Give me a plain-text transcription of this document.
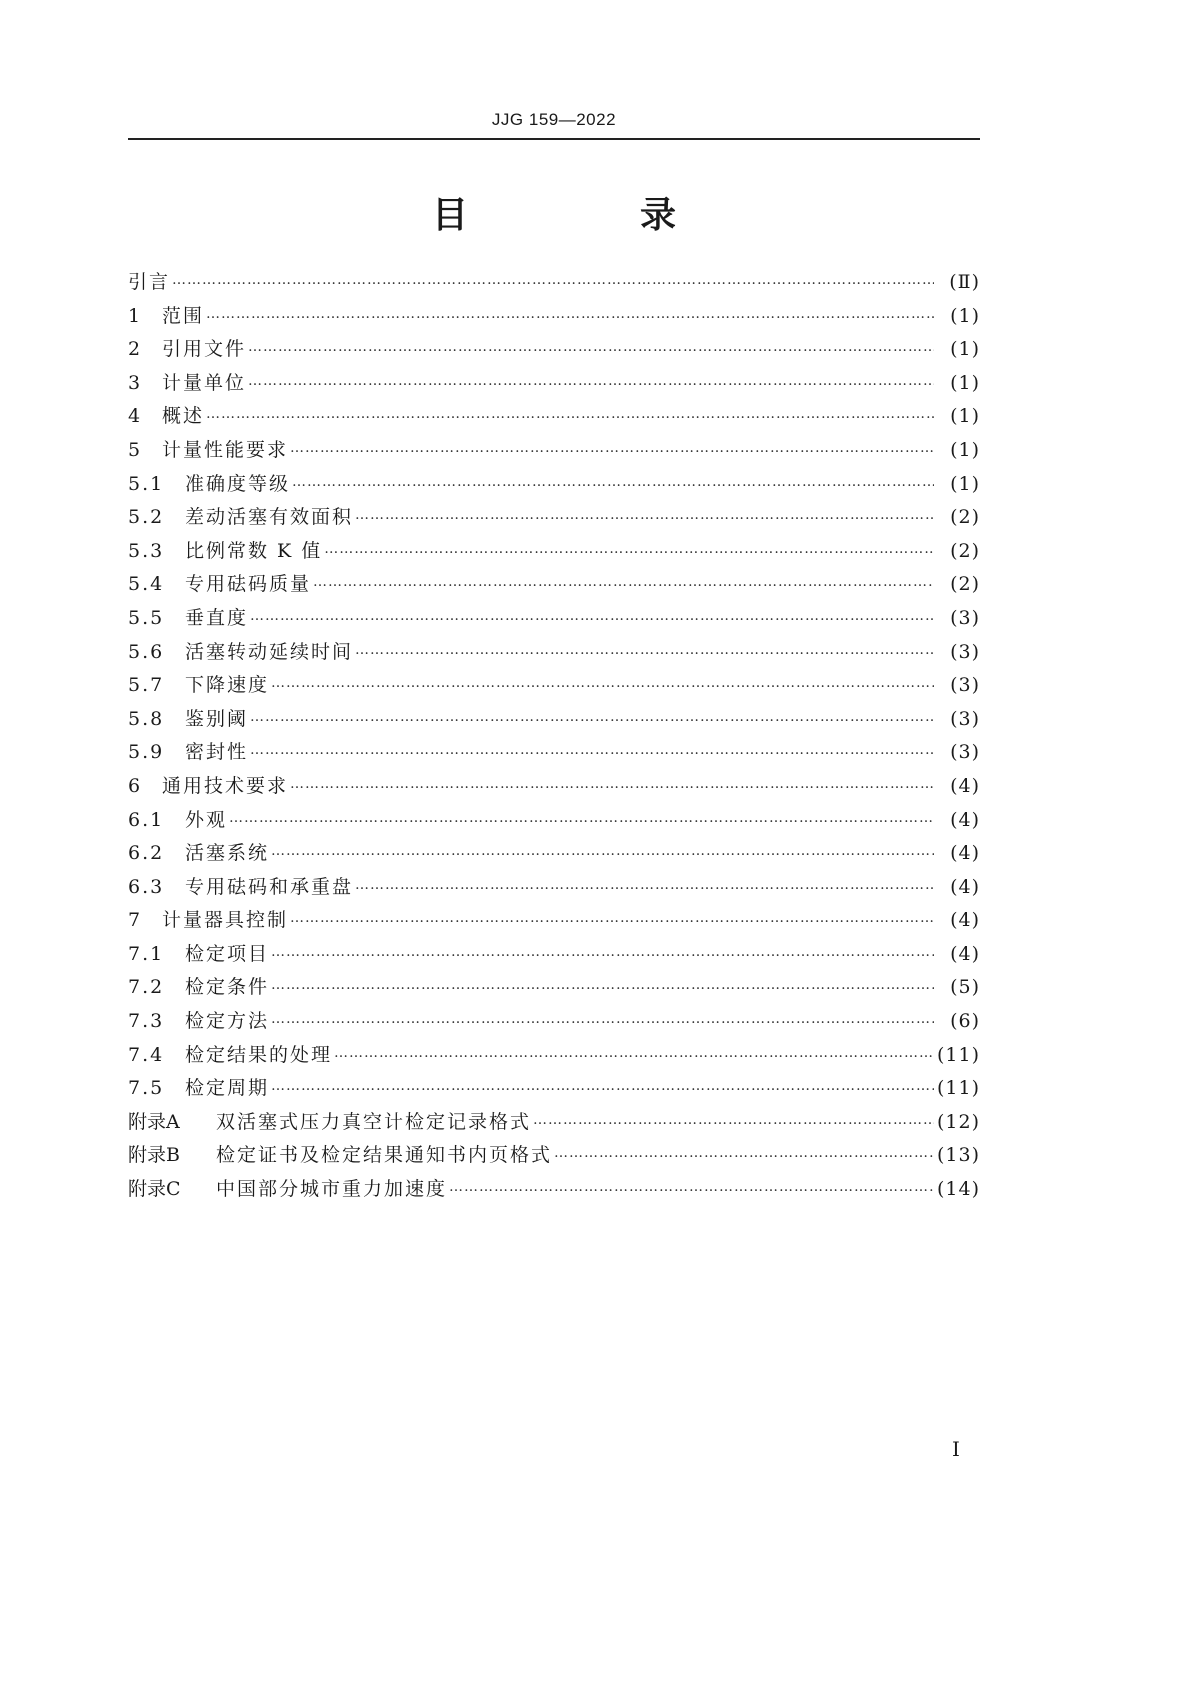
JJG 159—2022
目　录
引言 …………………………………………………………………………………………………………………………………………………………………………………………………………………………………………………………………	(Ⅱ)
1	范围 …………………………………………………………………………………………………………………………………………………………………………………………………………………………………………………………………	(1)
2	引用文件 …………………………………………………………………………………………………………………………………………………………………………………………………………………………………………………………………	(1)
3	计量单位 …………………………………………………………………………………………………………………………………………………………………………………………………………………………………………………………………	(1)
4	概述 …………………………………………………………………………………………………………………………………………………………………………………………………………………………………………………………………	(1)
5	计量性能要求 …………………………………………………………………………………………………………………………………………………………………………………………………………………………………………………………………	(1)
5.1	准确度等级 …………………………………………………………………………………………………………………………………………………………………………………………………………………………………………………………………	(1)
5.2	差动活塞有效面积 …………………………………………………………………………………………………………………………………………………………………………………………………………………………………………………………………	(2)
5.3	比例常数 K 值 …………………………………………………………………………………………………………………………………………………………………………………………………………………………………………………………………	(2)
5.4	专用砝码质量 …………………………………………………………………………………………………………………………………………………………………………………………………………………………………………………………………	(2)
5.5	垂直度 …………………………………………………………………………………………………………………………………………………………………………………………………………………………………………………………………	(3)
5.6	活塞转动延续时间 …………………………………………………………………………………………………………………………………………………………………………………………………………………………………………………………………	(3)
5.7	下降速度 …………………………………………………………………………………………………………………………………………………………………………………………………………………………………………………………………	(3)
5.8	鉴别阈 …………………………………………………………………………………………………………………………………………………………………………………………………………………………………………………………………	(3)
5.9	密封性 …………………………………………………………………………………………………………………………………………………………………………………………………………………………………………………………………	(3)
6	通用技术要求 …………………………………………………………………………………………………………………………………………………………………………………………………………………………………………………………………	(4)
6.1	外观 …………………………………………………………………………………………………………………………………………………………………………………………………………………………………………………………………	(4)
6.2	活塞系统 …………………………………………………………………………………………………………………………………………………………………………………………………………………………………………………………………	(4)
6.3	专用砝码和承重盘 …………………………………………………………………………………………………………………………………………………………………………………………………………………………………………………………………	(4)
7	计量器具控制 …………………………………………………………………………………………………………………………………………………………………………………………………………………………………………………………………	(4)
7.1	检定项目 …………………………………………………………………………………………………………………………………………………………………………………………………………………………………………………………………	(4)
7.2	检定条件 …………………………………………………………………………………………………………………………………………………………………………………………………………………………………………………………………	(5)
7.3	检定方法 …………………………………………………………………………………………………………………………………………………………………………………………………………………………………………………………………	(6)
7.4	检定结果的处理 …………………………………………………………………………………………………………………………………………………………………………………………………………………………………………………………………	(11)
7.5	检定周期 …………………………………………………………………………………………………………………………………………………………………………………………………………………………………………………………………	(11)
附录A	双活塞式压力真空计检定记录格式 …………………………………………………………………………………………………………………………………………………………………………………………………………………………………………………………………	(12)
附录B	检定证书及检定结果通知书内页格式 …………………………………………………………………………………………………………………………………………………………………………………………………………………………………………………………………	(13)
附录C	中国部分城市重力加速度 …………………………………………………………………………………………………………………………………………………………………………………………………………………………………………………………………	(14)
Ⅰ
